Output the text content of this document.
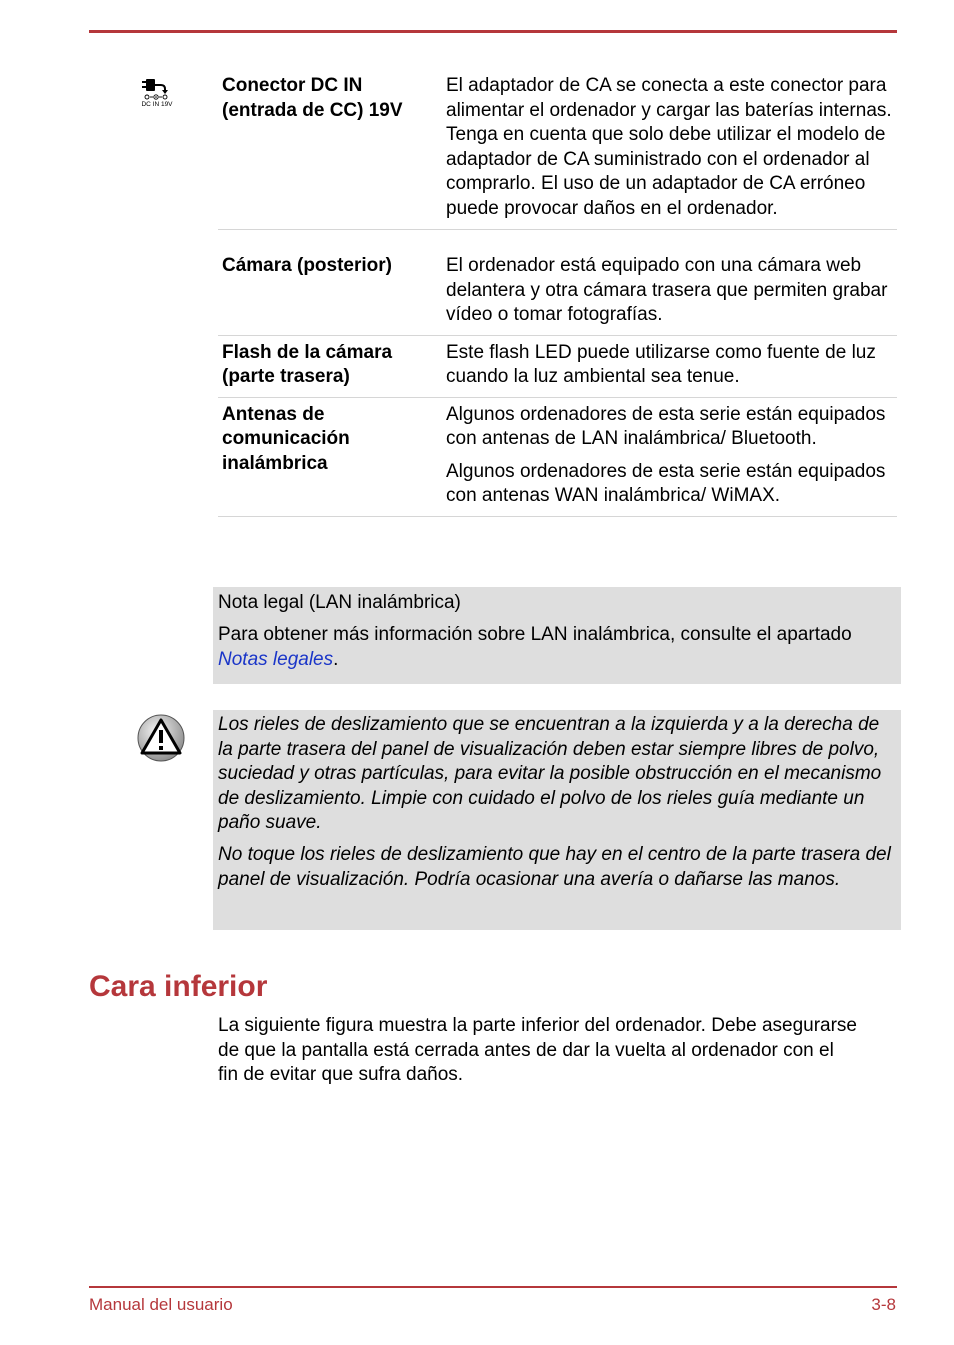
DC IN 19V
Conector DC IN (entrada de CC) 19V

El adaptador de CA se conecta a este conector para alimentar el ordenador y cargar las baterías internas. Tenga en cuenta que solo debe utilizar el modelo de adaptador de CA suministrado con el ordenador al comprarlo. El uso de un adaptador de CA erróneo puede provocar daños en el ordenador.

Cámara (posterior)	El ordenador está equipado con una cámara web delantera y otra cámara trasera que permiten grabar vídeo o tomar fotografías.

Flash de la cámara (parte trasera)

Este flash LED puede utilizarse como fuente de luz cuando la luz ambiental sea tenue.

Antenas de comunicación inalámbrica

Algunos ordenadores de esta serie están equipados con antenas de LAN inalámbrica/ Bluetooth.

Algunos ordenadores de esta serie están equipados con antenas WAN inalámbrica/ WiMAX.

Nota legal (LAN inalámbrica)
Para obtener más información sobre LAN inalámbrica, consulte el apartado Notas legales.

Los rieles de deslizamiento que se encuentran a la izquierda y a la derecha de la parte trasera del panel de visualización deben estar siempre libres de polvo, suciedad y otras partículas, para evitar la posible obstrucción en el mecanismo de deslizamiento. Limpie con cuidado el polvo de los rieles guía mediante un paño suave.

No toque los rieles de deslizamiento que hay en el centro de la parte trasera del panel de visualización. Podría ocasionar una avería o dañarse las manos.

Cara inferior

La siguiente figura muestra la parte inferior del ordenador. Debe asegurarse de que la pantalla está cerrada antes de dar la vuelta al ordenador con el fin de evitar que sufra daños.

Manual del usuario	3-8
